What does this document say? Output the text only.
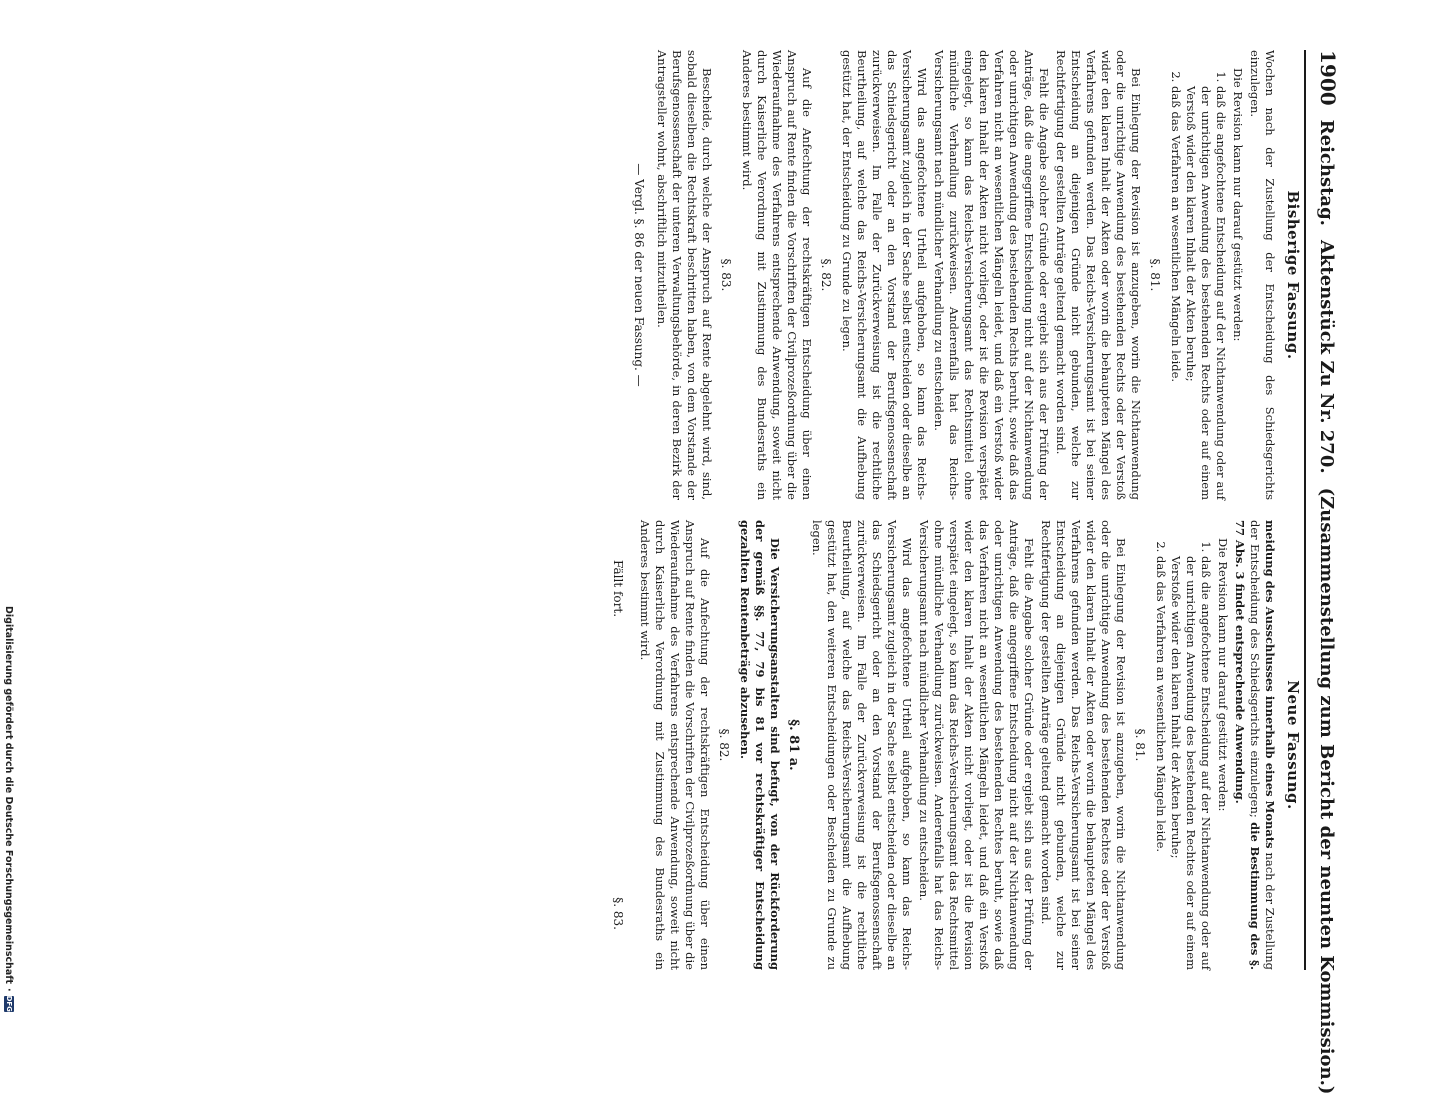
1900
Reichstag.
Aktenstück Zu Nr. 270.
(Zusammenstellung zum Bericht der neunten Kommission.)
Bisherige Fassung.

Wochen nach der Zustellung der Entscheidung des Schiedsgerichts einzulegen.

Die Revision kann nur darauf gestützt werden:

1. daß die angefochtene Entscheidung auf der Nichtanwendung oder auf der unrichtigen Anwendung des bestehenden Rechts oder auf einem Verstoß wider den klaren Inhalt der Akten beruhe;
2. daß das Verfahren an wesentlichen Mängeln leide.
§. 81.

Bei Einlegung der Revision ist anzugeben, worin die Nichtanwendung oder die unrichtige Anwendung des bestehenden Rechts oder der Verstoß wider den klaren Inhalt der Akten oder worin die behaupteten Mängel des Verfahrens gefunden werden. Das Reichs-Versicherungsamt ist bei seiner Entscheidung an diejenigen Gründe nicht gebunden, welche zur Rechtfertigung der gestellten Anträge geltend gemacht worden sind.

Fehlt die Angabe solcher Gründe oder ergiebt sich aus der Prüfung der Anträge, daß die angegriffene Entscheidung nicht auf der Nichtanwendung oder unrichtigen Anwendung des bestehenden Rechts beruht, sowie daß das Verfahren nicht an wesentlichen Mängeln leidet, und daß ein Verstoß wider den klaren Inhalt der Akten nicht vorliegt, oder ist die Revision verspätet eingelegt, so kann das Reichs-Versicherungsamt das Rechtsmittel ohne mündliche Verhandlung zurückweisen. Anderenfalls hat das Reichs-Versicherungsamt nach mündlicher Verhandlung zu entscheiden.

Wird das angefochtene Urtheil aufgehoben, so kann das Reichs-Versicherungsamt zugleich in der Sache selbst entscheiden oder dieselbe an das Schiedsgericht oder an den Vorstand der Berufsgenossenschaft zurückverweisen. Im Falle der Zurückverweisung ist die rechtliche Beurtheilung, auf welche das Reichs-Versicherungsamt die Aufhebung gestützt hat, der Entscheidung zu Grunde zu legen.

§. 82.

Auf die Anfechtung der rechtskräftigen Entscheidung über einen Anspruch auf Rente finden die Vorschriften der Civilprozeßordnung über die Wiederaufnahme des Verfahrens entsprechende Anwendung, soweit nicht durch Kaiserliche Verordnung mit Zustimmung des Bundesraths ein Anderes bestimmt wird.

§. 83.

Bescheide, durch welche der Anspruch auf Rente abgelehnt wird, sind, sobald dieselben die Rechtskraft beschritten haben, von dem Vorstande der Berufsgenossenschaft der unteren Verwaltungsbehörde, in deren Bezirk der Antragsteller wohnt, abschriftlich mitzutheilen.

— Vergl. §. 86 der neuen Fassung. —
Neue Fassung.

meidung des Ausschlusses innerhalb eines Monats nach der Zustellung der Entscheidung des Schiedsgerichts einzulegen; die Bestimmung des §. 77 Abs. 3 findet entsprechende Anwendung.

Die Revision kann nur darauf gestützt werden:

1. daß die angefochtene Entscheidung auf der Nichtanwendung oder auf der unrichtigen Anwendung des bestehenden Rechtes oder auf einem Verstoße wider den klaren Inhalt der Akten beruhe;
2. daß das Verfahren an wesentlichen Mängeln leide.
§. 81.

Bei Einlegung der Revision ist anzugeben, worin die Nichtanwendung oder die unrichtige Anwendung des bestehenden Rechtes oder der Verstoß wider den klaren Inhalt der Akten oder worin die behaupteten Mängel des Verfahrens gefunden werden. Das Reichs-Versicherungsamt ist bei seiner Entscheidung an diejenigen Gründe nicht gebunden, welche zur Rechtfertigung der gestellten Anträge geltend gemacht worden sind.

Fehlt die Angabe solcher Gründe oder ergiebt sich aus der Prüfung der Anträge, daß die angegriffene Entscheidung nicht auf der Nichtanwendung oder unrichtigen Anwendung des bestehenden Rechtes beruht, sowie daß das Verfahren nicht an wesentlichen Mängeln leidet, und daß ein Verstoß wider den klaren Inhalt der Akten nicht vorliegt, oder ist die Revision verspätet eingelegt, so kann das Reichs-Versicherungsamt das Rechtsmittel ohne mündliche Verhandlung zurückweisen. Anderenfalls hat das Reichs-Versicherungsamt nach mündlicher Verhandlung zu entscheiden.

Wird das angefochtene Urtheil aufgehoben, so kann das Reichs-Versicherungsamt zugleich in der Sache selbst entscheiden oder dieselbe an das Schiedsgericht oder an den Vorstand der Berufsgenossenschaft zurückverweisen. Im Falle der Zurückverweisung ist die rechtliche Beurtheilung, auf welche das Reichs-Versicherungsamt die Aufhebung gestützt hat, den weiteren Entscheidungen oder Bescheiden zu Grunde zu legen.

§. 81 a.

Die Versicherungsanstalten sind befugt, von der Rückforderung der gemäß §§. 77, 79 bis 81 vor rechtskräftiger Entscheidung gezahlten Rentenbeträge abzusehen.

§. 82.

Auf die Anfechtung der rechtskräftigen Entscheidung über einen Anspruch auf Rente finden die Vorschriften der Civilprozeßordnung über die Wiederaufnahme des Verfahrens entsprechende Anwendung, soweit nicht durch Kaiserliche Verordnung mit Zustimmung des Bundesraths ein Anderes bestimmt wird.

Fällt fort.
§. 83.
Digitalisierung gefördert durch die Deutsche Forschungsgemeinschaft
·
DFG
